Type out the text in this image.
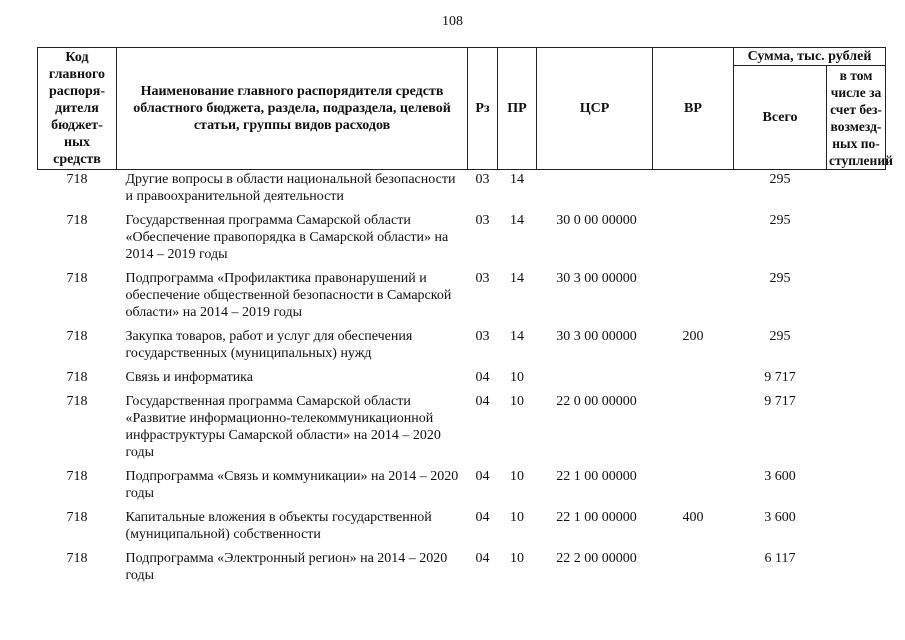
108
Код главного распоря-дителя бюджет-ных средств	Наименование главного распорядителя средств областного бюджета, раздела, подраздела, целевой статьи, группы видов расходов	Рз	ПР	ЦСР	ВР	Сумма, тыс. рублей	
						Всего	в том числе за счет без-возмезд-ных по-ступлений
718	Другие вопросы в области национальной безопасности и правоохранительной деятельности	03	14			295	
718	Государственная программа Самарской области «Обеспечение правопорядка в Самарской области» на 2014 – 2019 годы	03	14	30 0 00 00000		295	
718	Подпрограмма «Профилактика правонарушений и обеспечение общественной безопасности в Самарской области» на 2014 – 2019 годы	03	14	30 3 00 00000		295	
718	Закупка товаров, работ и услуг для обеспечения государственных (муниципальных) нужд	03	14	30 3 00 00000	200	295	
718	Связь и информатика	04	10			9 717	
718	Государственная программа Самарской области «Развитие информационно-телекоммуникационной инфраструктуры Самарской области» на 2014 – 2020 годы	04	10	22 0 00 00000		9 717	
718	Подпрограмма «Связь и коммуникации» на 2014 – 2020 годы	04	10	22 1 00 00000		3 600	
718	Капитальные вложения в объекты государственной (муниципальной) собственности	04	10	22 1 00 00000	400	3 600	
718	Подпрограмма «Электронный регион» на 2014 – 2020 годы	04	10	22 2 00 00000		6 117	
